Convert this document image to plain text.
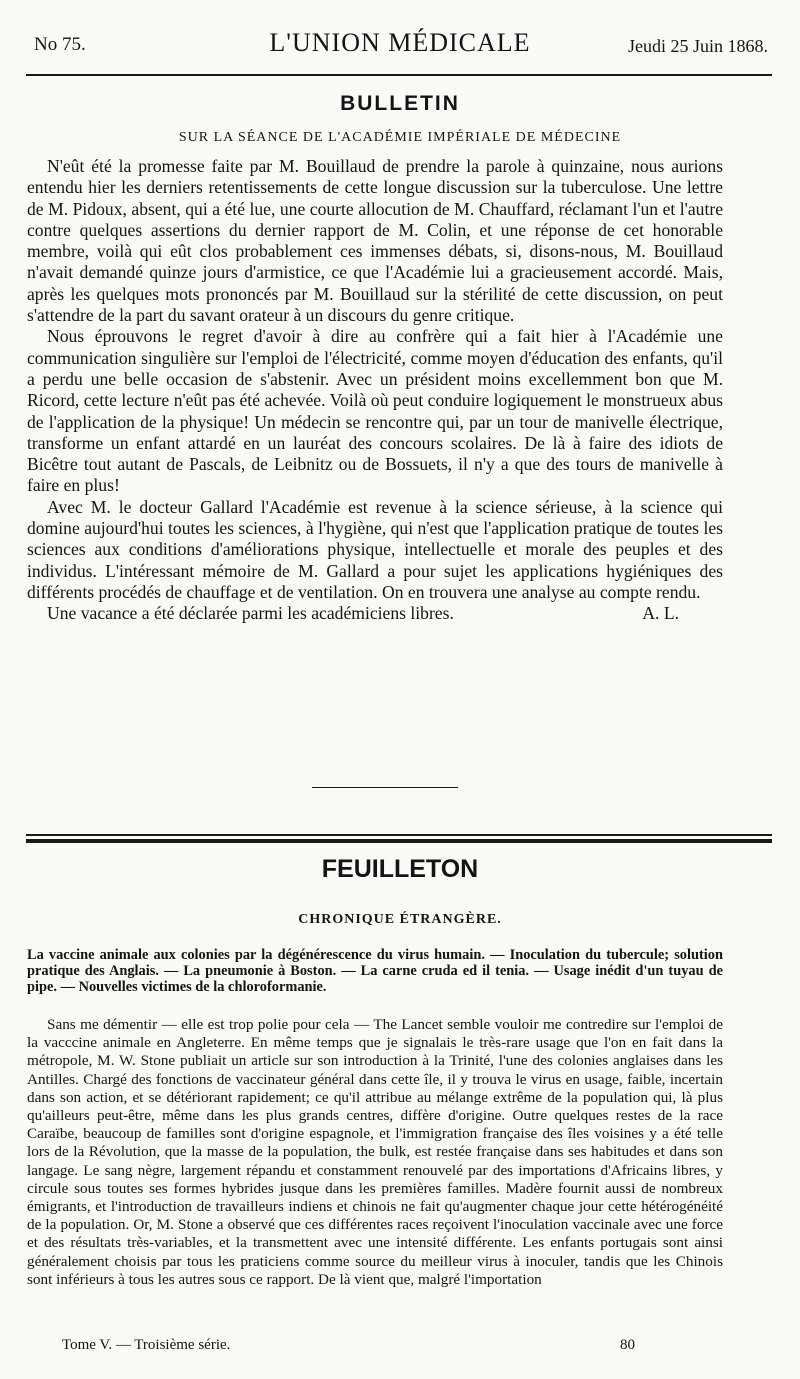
No 75.	L'UNION MÉDICALE	Jeudi 25 Juin 1868.
BULLETIN
SUR LA SÉANCE DE L'ACADÉMIE IMPÉRIALE DE MÉDECINE

N'eût été la promesse faite par M. Bouillaud de prendre la parole à quinzaine, nous aurions entendu hier les derniers retentissements de cette longue discussion sur la tuberculose. Une lettre de M. Pidoux, absent, qui a été lue, une courte allocution de M. Chauffard, réclamant l'un et l'autre contre quelques assertions du dernier rapport de M. Colin, et une réponse de cet honorable membre, voilà qui eût clos probablement ces immenses débats, si, disons-nous, M. Bouillaud n'avait demandé quinze jours d'armistice, ce que l'Académie lui a gracieusement accordé. Mais, après les quelques mots prononcés par M. Bouillaud sur la stérilité de cette discussion, on peut s'attendre de la part du savant orateur à un discours du genre critique.

Nous éprouvons le regret d'avoir à dire au confrère qui a fait hier à l'Académie une communication singulière sur l'emploi de l'électricité, comme moyen d'éducation des enfants, qu'il a perdu une belle occasion de s'abstenir. Avec un président moins excellemment bon que M. Ricord, cette lecture n'eût pas été achevée. Voilà où peut conduire logiquement le monstrueux abus de l'application de la physique! Un médecin se rencontre qui, par un tour de manivelle électrique, transforme un enfant attardé en un lauréat des concours scolaires. De là à faire des idiots de Bicêtre tout autant de Pascals, de Leibnitz ou de Bossuets, il n'y a que des tours de manivelle à faire en plus!

Avec M. le docteur Gallard l'Académie est revenue à la science sérieuse, à la science qui domine aujourd'hui toutes les sciences, à l'hygiène, qui n'est que l'application pratique de toutes les sciences aux conditions d'améliorations physique, intellectuelle et morale des peuples et des individus. L'intéressant mémoire de M. Gallard a pour sujet les applications hygiéniques des différents procédés de chauffage et de ventilation. On en trouvera une analyse au compte rendu.

Une vacance a été déclarée parmi les académiciens libres.	A. L.
FEUILLETON
CHRONIQUE ÉTRANGÈRE.

La vaccine animale aux colonies par la dégénérescence du virus humain. — Inoculation du tubercule; solution pratique des Anglais. — La pneumonie à Boston. — La carne cruda ed il tenia. — Usage inédit d'un tuyau de pipe. — Nouvelles victimes de la chloroformanie.

Sans me démentir — elle est trop polie pour cela — The Lancet semble vouloir me contredire sur l'emploi de la vacccine animale en Angleterre. En même temps que je signalais le très-rare usage que l'on en fait dans la métropole, M. W. Stone publiait un article sur son introduction à la Trinité, l'une des colonies anglaises dans les Antilles. Chargé des fonctions de vaccinateur général dans cette île, il y trouva le virus en usage, faible, incertain dans son action, et se détériorant rapidement; ce qu'il attribue au mélange extrême de la population qui, là plus qu'ailleurs peut-être, même dans les plus grands centres, diffère d'origine. Outre quelques restes de la race Caraïbe, beaucoup de familles sont d'origine espagnole, et l'immigration française des îles voisines y a été telle lors de la Révolution, que la masse de la population, the bulk, est restée française dans ses habitudes et dans son langage. Le sang nègre, largement répandu et constamment renouvelé par des importations d'Africains libres, y circule sous toutes ses formes hybrides jusque dans les premières familles. Madère fournit aussi de nombreux émigrants, et l'introduction de travailleurs indiens et chinois ne fait qu'augmenter chaque jour cette hétérogénéité de la population. Or, M. Stone a observé que ces différentes races reçoivent l'inoculation vaccinale avec une force et des résultats très-variables, et la transmettent avec une intensité différente. Les enfants portugais sont ainsi généralement choisis par tous les praticiens comme source du meilleur virus à inoculer, tandis que les Chinois sont inférieurs à tous les autres sous ce rapport. De là vient que, malgré l'importation

Tome V. — Troisième série.	80
